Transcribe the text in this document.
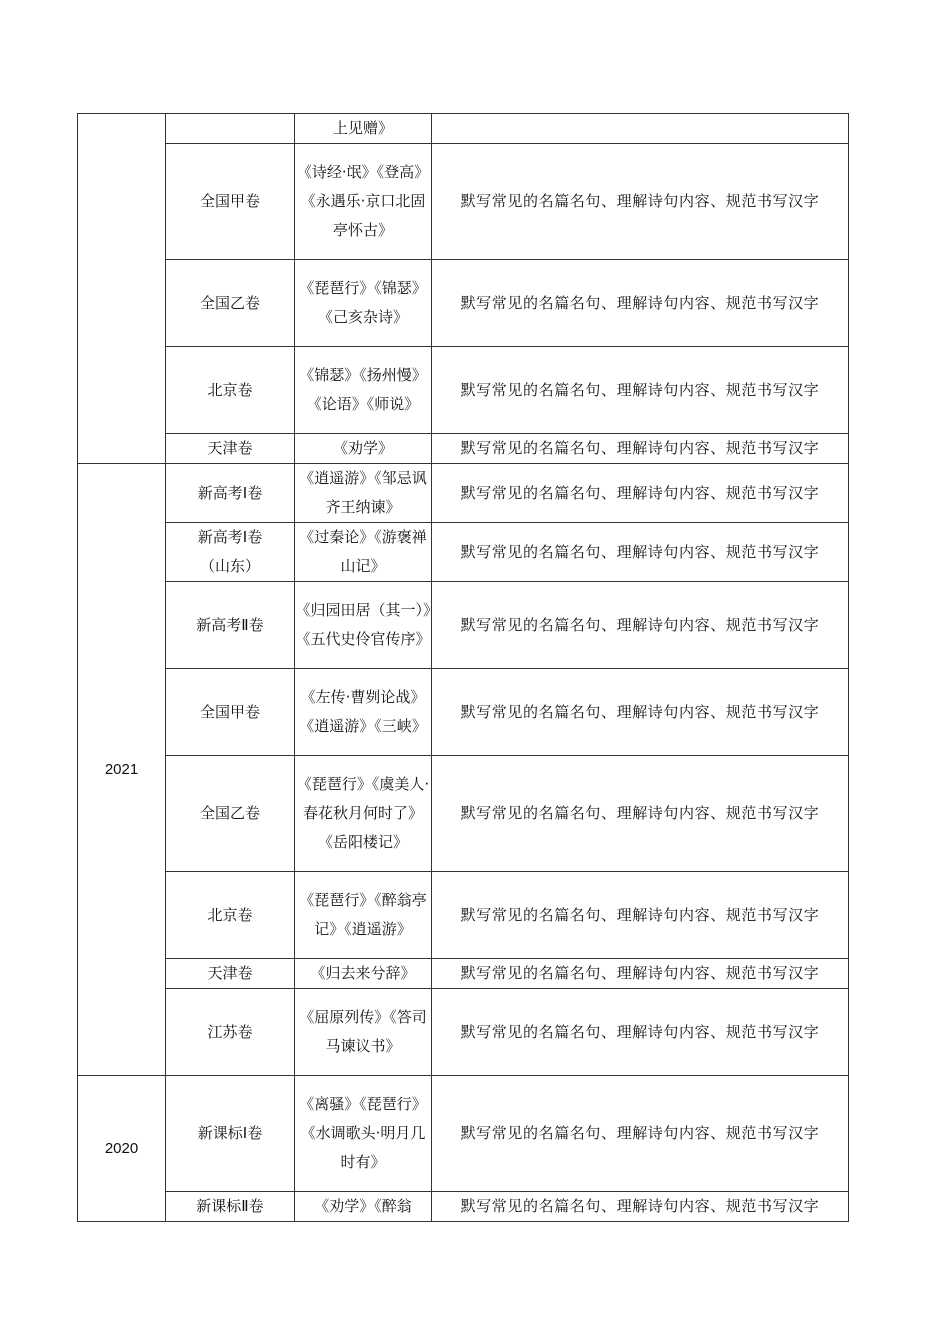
		上见赠》	
	全国甲卷	《诗经·氓》《登高》《永遇乐·京口北固亭怀古》	默写常见的名篇名句、理解诗句内容、规范书写汉字
	全国乙卷	《琵琶行》《锦瑟》《己亥杂诗》	默写常见的名篇名句、理解诗句内容、规范书写汉字
	北京卷	《锦瑟》《扬州慢》《论语》《师说》	默写常见的名篇名句、理解诗句内容、规范书写汉字
	天津卷	《劝学》	默写常见的名篇名句、理解诗句内容、规范书写汉字
2021	新高考Ⅰ卷	《逍遥游》《邹忌讽齐王纳谏》	默写常见的名篇名句、理解诗句内容、规范书写汉字
	新高考Ⅰ卷（山东）	《过秦论》《游褒禅山记》	默写常见的名篇名句、理解诗句内容、规范书写汉字
	新高考Ⅱ卷	《归园田居（其一）》《五代史伶官传序》	默写常见的名篇名句、理解诗句内容、规范书写汉字
	全国甲卷	《左传·曹刿论战》《逍遥游》《三峡》	默写常见的名篇名句、理解诗句内容、规范书写汉字
	全国乙卷	《琵琶行》《虞美人·春花秋月何时了》《岳阳楼记》	默写常见的名篇名句、理解诗句内容、规范书写汉字
	北京卷	《琵琶行》《醉翁亭记》《逍遥游》	默写常见的名篇名句、理解诗句内容、规范书写汉字
	天津卷	《归去来兮辞》	默写常见的名篇名句、理解诗句内容、规范书写汉字
	江苏卷	《屈原列传》《答司马谏议书》	默写常见的名篇名句、理解诗句内容、规范书写汉字
2020	新课标Ⅰ卷	《离骚》《琵琶行》《水调歌头·明月几时有》	默写常见的名篇名句、理解诗句内容、规范书写汉字
	新课标Ⅱ卷	《劝学》《醉翁	默写常见的名篇名句、理解诗句内容、规范书写汉字
